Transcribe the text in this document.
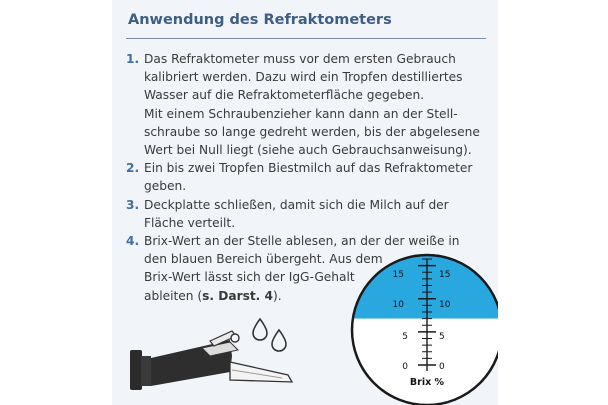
Anwendung des Refraktometers
1. Das Refraktometer muss vor dem ersten Gebrauch

kalibriert werden. Dazu wird ein Tropfen destilliertes

Wasser auf die Refraktometerfläche gegeben.

Mit einem Schraubenzieher kann dann an der Stell-

schraube so lange gedreht werden, bis der abgelesene

Wert bei Null liegt (siehe auch Gebrauchsanweisung).

2. Ein bis zwei Tropfen Biestmilch auf das Refraktometer

geben.

3. Deckplatte schließen, damit sich die Milch auf der

Fläche verteilt.

4. Brix-Wert an der Stelle ablesen, an der der weiße in

den blauen Bereich übergeht. Aus dem

Brix-Wert lässt sich der IgG-Gehalt

ableiten (s. Darst. 4).

15
10
5
0
15
10
5
0
Brix %
